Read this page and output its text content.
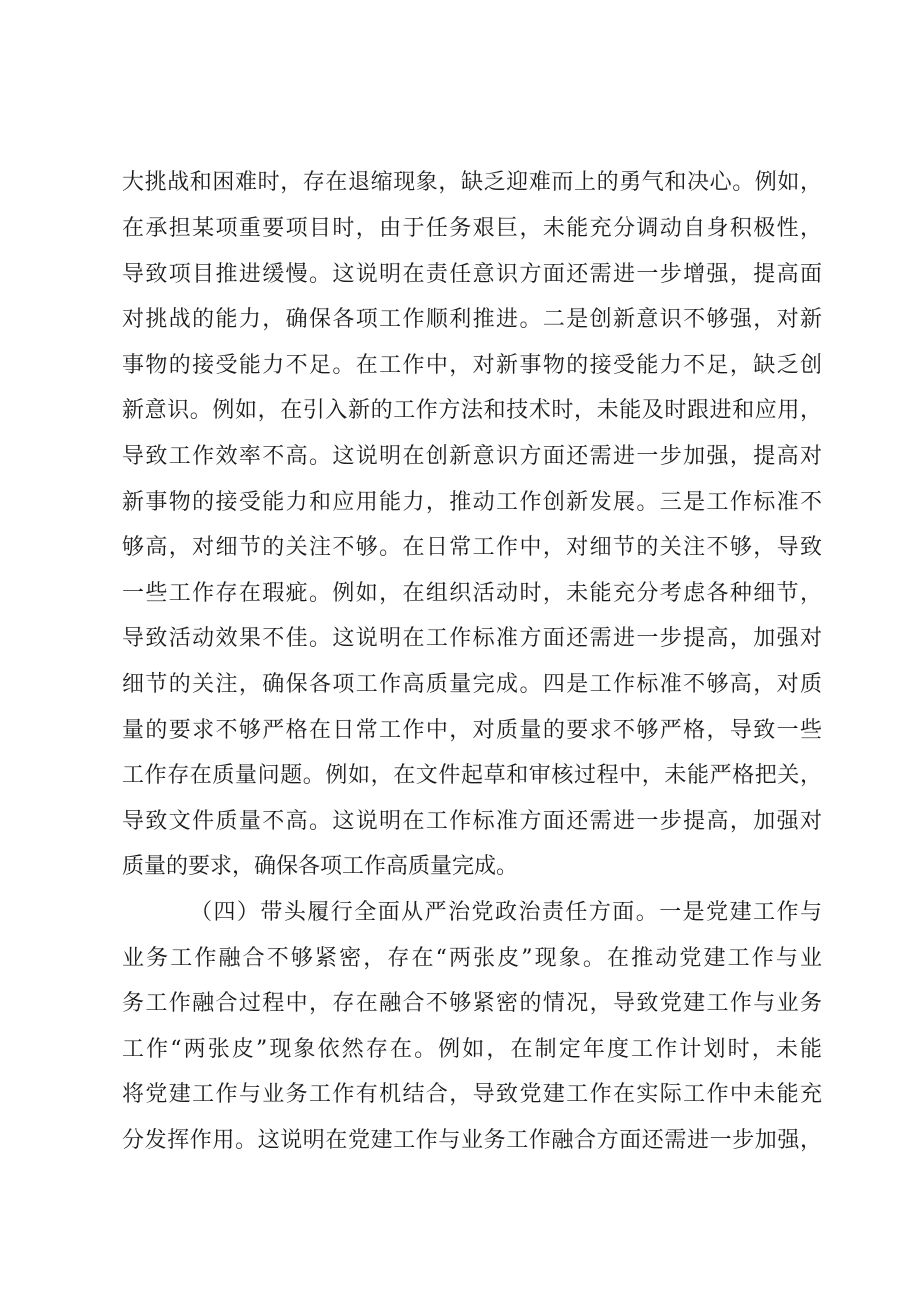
大挑战和困难时，存在退缩现象，缺乏迎难而上的勇气和决心。例如，
在承担某项重要项目时，由于任务艰巨，未能充分调动自身积极性，
导致项目推进缓慢。这说明在责任意识方面还需进一步增强，提高面
对挑战的能力，确保各项工作顺利推进。二是创新意识不够强，对新
事物的接受能力不足。在工作中，对新事物的接受能力不足，缺乏创
新意识。例如，在引入新的工作方法和技术时，未能及时跟进和应用，
导致工作效率不高。这说明在创新意识方面还需进一步加强，提高对
新事物的接受能力和应用能力，推动工作创新发展。三是工作标准不
够高，对细节的关注不够。在日常工作中，对细节的关注不够，导致
一些工作存在瑕疵。例如，在组织活动时，未能充分考虑各种细节，
导致活动效果不佳。这说明在工作标准方面还需进一步提高，加强对
细节的关注，确保各项工作高质量完成。四是工作标准不够高，对质
量的要求不够严格在日常工作中，对质量的要求不够严格，导致一些
工作存在质量问题。例如，在文件起草和审核过程中，未能严格把关，
导致文件质量不高。这说明在工作标准方面还需进一步提高，加强对
质量的要求，确保各项工作高质量完成。
（四）带头履行全面从严治党政治责任方面。一是党建工作与
业务工作融合不够紧密，存在“两张皮”现象。在推动党建工作与业
务工作融合过程中，存在融合不够紧密的情况，导致党建工作与业务
工作“两张皮”现象依然存在。例如，在制定年度工作计划时，未能
将党建工作与业务工作有机结合，导致党建工作在实际工作中未能充
分发挥作用。这说明在党建工作与业务工作融合方面还需进一步加强，
